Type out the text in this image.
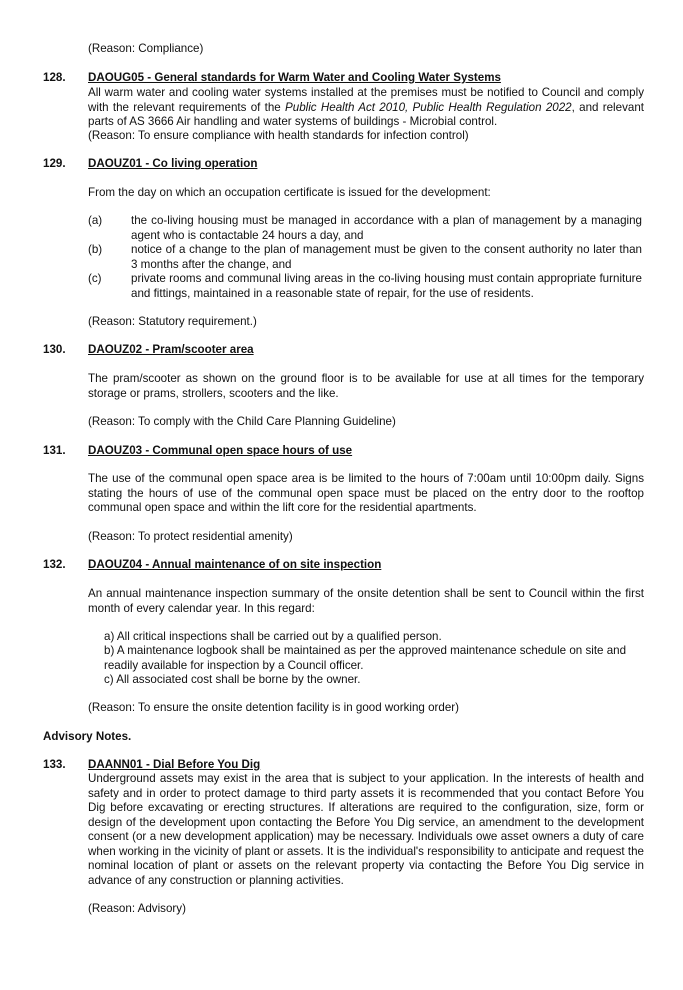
(Reason: Compliance)
128. DAOUG05 - General standards for Warm Water and Cooling Water Systems
All warm water and cooling water systems installed at the premises must be notified to Council and comply with the relevant requirements of the Public Health Act 2010, Public Health Regulation 2022, and relevant parts of AS 3666 Air handling and water systems of buildings - Microbial control.
(Reason: To ensure compliance with health standards for infection control)
129. DAOUZ01 - Co living operation
From the day on which an occupation certificate is issued for the development:
(a) the co-living housing must be managed in accordance with a plan of management by a managing agent who is contactable 24 hours a day, and
(b) notice of a change to the plan of management must be given to the consent authority no later than 3 months after the change, and
(c)	private rooms and communal living areas in the co-living housing must contain appropriate furniture and fittings, maintained in a reasonable state of repair, for the use of residents.
(Reason: Statutory requirement.)
130. DAOUZ02 - Pram/scooter area
The pram/scooter as shown on the ground floor is to be available for use at all times for the temporary storage or prams, strollers, scooters and the like.
(Reason: To comply with the Child Care Planning Guideline)
131. DAOUZ03 - Communal open space hours of use
The use of the communal open space area is be limited to the hours of 7:00am until 10:00pm daily. Signs stating the hours of use of the communal open space must be placed on the entry door to the rooftop communal open space and within the lift core for the residential apartments.
(Reason: To protect residential amenity)
132. DAOUZ04 - Annual maintenance of on site inspection
An annual maintenance inspection summary of the onsite detention shall be sent to Council within the first month of every calendar year. In this regard:
a) All critical inspections shall be carried out by a qualified person.
b) A maintenance logbook shall be maintained as per the approved maintenance schedule on site and readily available for inspection by a Council officer.
c) All associated cost shall be borne by the owner.
(Reason: To ensure the onsite detention facility is in good working order)
Advisory Notes.
133. DAANN01 - Dial Before You Dig
Underground assets may exist in the area that is subject to your application. In the interests of health and safety and in order to protect damage to third party assets it is recommended that you contact Before You Dig before excavating or erecting structures. If alterations are required to the configuration, size, form or design of the development upon contacting the Before You Dig service, an amendment to the development consent (or a new development application) may be necessary. Individuals owe asset owners a duty of care when working in the vicinity of plant or assets. It is the individual's responsibility to anticipate and request the nominal location of plant or assets on the relevant property via contacting the Before You Dig service in advance of any construction or planning activities.
(Reason: Advisory)
